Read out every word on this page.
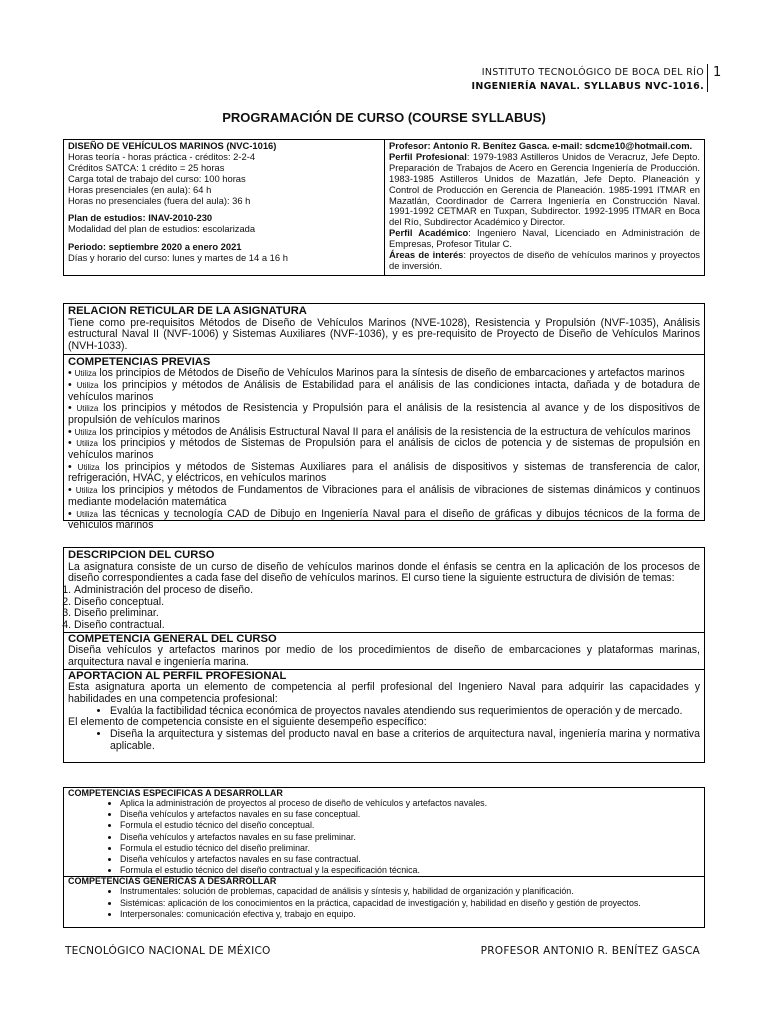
INSTITUTO TECNOLÓGICO DE BOCA DEL RÍO
INGENIERÍA NAVAL. SYLLABUS NVC-1016.
1
PROGRAMACIÓN DE CURSO (COURSE SYLLABUS)
DISEÑO DE VEHÍCULOS MARINOS (NVC-1016)
Horas teoría - horas práctica - créditos: 2-2-4
Créditos SATCA: 1 crédito = 25 horas
Carga total de trabajo del curso: 100 horas
Horas presenciales (en aula): 64 h
Horas no presenciales (fuera del aula): 36 h
Plan de estudios: INAV-2010-230
Modalidad del plan de estudios: escolarizada
Periodo: septiembre 2020 a enero 2021
Días y horario del curso: lunes y martes de 14 a 16 h
Profesor: Antonio R. Benítez Gasca. e-mail: sdcme10@hotmail.com.
Perfil Profesional: 1979-1983 Astilleros Unidos de Veracruz, Jefe Depto. Preparación de Trabajos de Acero en Gerencia Ingeniería de Producción. 1983-1985 Astilleros Unidos de Mazatlán, Jefe Depto. Planeación y Control de Producción en Gerencia de Planeación. 1985-1991 ITMAR en Mazatlán, Coordinador de Carrera Ingeniería en Construcción Naval. 1991-1992 CETMAR en Tuxpan, Subdirector. 1992-1995 ITMAR en Boca del Río, Subdirector Académico y Director.
Perfil Académico: Ingeniero Naval, Licenciado en Administración de Empresas, Profesor Titular C.
Áreas de interés: proyectos de diseño de vehículos marinos y proyectos de inversión.
RELACION RETICULAR DE LA ASIGNATURA
Tiene como pre-requisitos Métodos de Diseño de Vehículos Marinos (NVE-1028), Resistencia y Propulsión (NVF-1035), Análisis estructural Naval II (NVF-1006) y Sistemas Auxiliares (NVF-1036), y es pre-requisito de Proyecto de Diseño de Vehículos Marinos (NVH-1033).
COMPETENCIAS PREVIAS

• Utiliza los principios de Métodos de Diseño de Vehículos Marinos para la síntesis de diseño de embarcaciones y artefactos marinos

• Utiliza los principios y métodos de Análisis de Estabilidad para el análisis de las condiciones intacta, dañada y de botadura de vehículos marinos

• Utiliza los principios y métodos de Resistencia y Propulsión para el análisis de la resistencia al avance y de los dispositivos de propulsión de vehículos marinos

• Utiliza los principios y métodos de Análisis Estructural Naval II para el análisis de la resistencia de la estructura de vehículos marinos

• Utiliza los principios y métodos de Sistemas de Propulsión para el análisis de ciclos de potencia y de sistemas de propulsión en vehículos marinos

• Utiliza los principios y métodos de Sistemas Auxiliares para el análisis de dispositivos y sistemas de transferencia de calor, refrigeración, HVAC, y eléctricos, en vehículos marinos

• Utiliza los principios y métodos de Fundamentos de Vibraciones para el análisis de vibraciones de sistemas dinámicos y continuos mediante modelación matemática

• Utiliza las técnicas y tecnología CAD de Dibujo en Ingeniería Naval para el diseño de gráficas y dibujos técnicos de la forma de vehículos marinos

DESCRIPCION DEL CURSO
La asignatura consiste de un curso de diseño de vehículos marinos donde el énfasis se centra en la aplicación de los procesos de diseño correspondientes a cada fase del diseño de vehículos marinos. El curso tiene la siguiente estructura de división de temas:
1. Administración del proceso de diseño.
2. Diseño conceptual.
3. Diseño preliminar.
4. Diseño contractual.
COMPETENCIA GENERAL DEL CURSO
Diseña vehículos y artefactos marinos por medio de los procedimientos de diseño de embarcaciones y plataformas marinas, arquitectura naval e ingeniería marina.
APORTACION AL PERFIL PROFESIONAL
Esta asignatura aporta un elemento de competencia al perfil profesional del Ingeniero Naval para adquirir las capacidades y habilidades en una competencia profesional:
• Evalúa la factibilidad técnica económica de proyectos navales atendiendo sus requerimientos de operación y de mercado.
El elemento de competencia consiste en el siguiente desempeño específico:
• Diseña la arquitectura y sistemas del producto naval en base a criterios de arquitectura naval, ingeniería marina y normativa aplicable.
COMPETENCIAS ESPECIFICAS A DESARROLLAR
• Aplica la administración de proyectos al proceso de diseño de vehículos y artefactos navales.
• Diseña vehículos y artefactos navales en su fase conceptual.
• Formula el estudio técnico del diseño conceptual.
• Diseña vehículos y artefactos navales en su fase preliminar.
• Formula el estudio técnico del diseño preliminar.
• Diseña vehículos y artefactos navales en su fase contractual.
• Formula el estudio técnico del diseño contractual y la especificación técnica.
COMPETENCIAS GENERICAS A DESARROLLAR
• Instrumentales: solución de problemas, capacidad de análisis y síntesis y, habilidad de organización y planificación.
• Sistémicas: aplicación de los conocimientos en la práctica, capacidad de investigación y, habilidad en diseño y gestión de proyectos.
• Interpersonales: comunicación efectiva y, trabajo en equipo.
TECNOLÓGICO NACIONAL DE MÉXICO	PROFESOR ANTONIO R. BENÍTEZ GASCA
